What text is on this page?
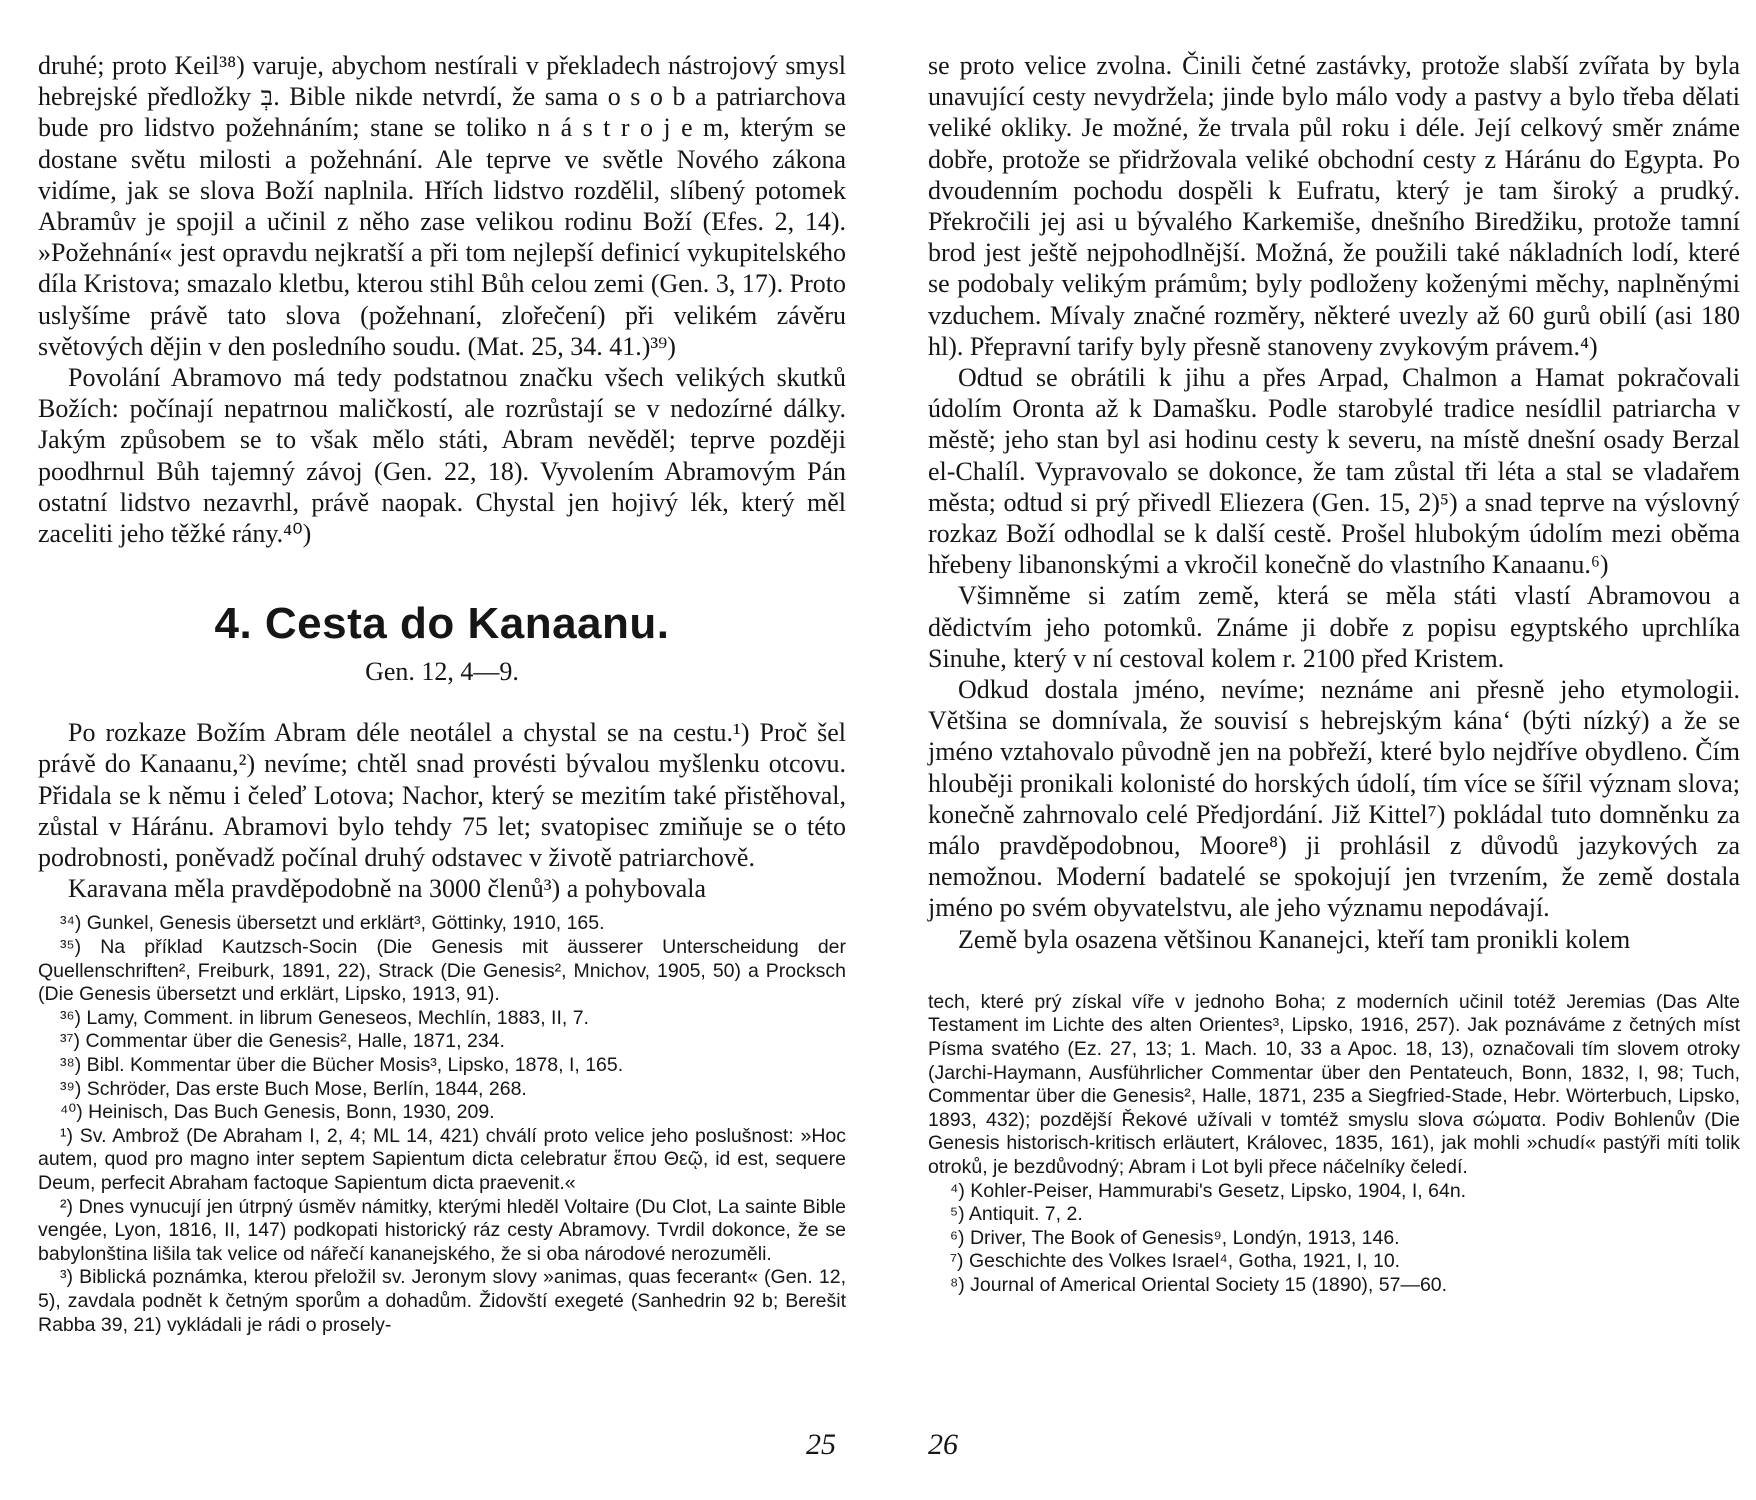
druhé; proto Keil³⁸) varuje, abychom nestírali v překladech nástrojový smysl hebrejské předložky בְּ. Bible nikde netvrdí, že sama o s o b a patriarchova bude pro lidstvo požehnáním; stane se toliko n á s t r o j e m, kterým se dostane světu milosti a požehnání. Ale teprve ve světle Nového zákona vidíme, jak se slova Boží naplnila. Hřích lidstvo rozdělil, slíbený potomek Abramův je spojil a učinil z něho zase velikou rodinu Boží (Efes. 2, 14). »Požehnání« jest opravdu nejkratší a při tom nejlepší definicí vykupitelského díla Kristova; smazalo kletbu, kterou stihl Bůh celou zemi (Gen. 3, 17). Proto uslyšíme právě tato slova (požehnaní, zlořečení) při velikém závěru světových dějin v den posledního soudu. (Mat. 25, 34. 41.)³⁹)

Povolání Abramovo má tedy podstatnou značku všech velikých skutků Božích: počínají nepatrnou maličkostí, ale rozrůstají se v nedozírné dálky. Jakým způsobem se to však mělo státi, Abram nevěděl; teprve později poodhrnul Bůh tajemný závoj (Gen. 22, 18). Vyvolením Abramovým Pán ostatní lidstvo nezavrhl, právě naopak. Chystal jen hojivý lék, který měl zaceliti jeho těžké rány.⁴⁰)

4. Cesta do Kanaanu.
Gen. 12, 4—9.

Po rozkaze Božím Abram déle neotálel a chystal se na cestu.¹) Proč šel právě do Kanaanu,²) nevíme; chtěl snad provésti bývalou myšlenku otcovu. Přidala se k němu i čeleď Lotova; Nachor, který se mezitím také přistěhoval, zůstal v Háránu. Abramovi bylo tehdy 75 let; svatopisec zmiňuje se o této podrobnosti, poněvadž počínal druhý odstavec v životě patriarchově.

Karavana měla pravděpodobně na 3000 členů³) a pohybovala

³⁴) Gunkel, Genesis übersetzt und erklärt³, Göttinky, 1910, 165.

³⁵) Na příklad Kautzsch-Socin (Die Genesis mit äusserer Unterscheidung der Quellenschriften², Freiburk, 1891, 22), Strack (Die Genesis², Mnichov, 1905, 50) a Procksch (Die Genesis übersetzt und erklärt, Lipsko, 1913, 91).

³⁶) Lamy, Comment. in librum Geneseos, Mechlín, 1883, II, 7.

³⁷) Commentar über die Genesis², Halle, 1871, 234.

³⁸) Bibl. Kommentar über die Bücher Mosis³, Lipsko, 1878, I, 165.

³⁹) Schröder, Das erste Buch Mose, Berlín, 1844, 268.

⁴⁰) Heinisch, Das Buch Genesis, Bonn, 1930, 209.

¹) Sv. Ambrož (De Abraham I, 2, 4; ML 14, 421) chválí proto velice jeho poslušnost: »Hoc autem, quod pro magno inter septem Sapientum dicta celebratur ἕπου Θεῷ, id est, sequere Deum, perfecit Abraham factoque Sapientum dicta praevenit.«

²) Dnes vynucují jen útrpný úsměv námitky, kterými hleděl Voltaire (Du Clot, La sainte Bible vengée, Lyon, 1816, II, 147) podkopati historický ráz cesty Abramovy. Tvrdil dokonce, že se babylonština lišila tak velice od nářečí kananejského, že si oba národové nerozuměli.

³) Biblická poznámka, kterou přeložil sv. Jeronym slovy »animas, quas fecerant« (Gen. 12, 5), zavdala podnět k četným sporům a dohadům. Židovští exegeté (Sanhedrin 92 b; Berešit Rabba 39, 21) vykládali je rádi o prosely-

25

se proto velice zvolna. Činili četné zastávky, protože slabší zvířata by byla unavující cesty nevydržela; jinde bylo málo vody a pastvy a bylo třeba dělati veliké okliky. Je možné, že trvala půl roku i déle. Její celkový směr známe dobře, protože se přidržovala veliké obchodní cesty z Háránu do Egypta. Po dvoudenním pochodu dospěli k Eufratu, který je tam široký a prudký. Překročili jej asi u bývalého Karkemiše, dnešního Biredžiku, protože tamní brod jest ještě nejpohodlnější. Možná, že použili také nákladních lodí, které se podobaly velikým prámům; byly podloženy koženými měchy, naplněnými vzduchem. Mívaly značné rozměry, některé uvezly až 60 gurů obilí (asi 180 hl). Přepravní tarify byly přesně stanoveny zvykovým právem.⁴)

Odtud se obrátili k jihu a přes Arpad, Chalmon a Hamat pokračovali údolím Oronta až k Damašku. Podle starobylé tradice nesídlil patriarcha v městě; jeho stan byl asi hodinu cesty k severu, na místě dnešní osady Berzal el-Chalíl. Vypravovalo se dokonce, že tam zůstal tři léta a stal se vladařem města; odtud si prý přivedl Eliezera (Gen. 15, 2)⁵) a snad teprve na výslovný rozkaz Boží odhodlal se k další cestě. Prošel hlubokým údolím mezi oběma hřebeny libanonskými a vkročil konečně do vlastního Kanaanu.⁶)

Všimněme si zatím země, která se měla státi vlastí Abramovou a dědictvím jeho potomků. Známe ji dobře z popisu egyptského uprchlíka Sinuhe, který v ní cestoval kolem r. 2100 před Kristem.

Odkud dostala jméno, nevíme; neznáme ani přesně jeho etymologii. Většina se domnívala, že souvisí s hebrejským kána‘ (býti nízký) a že se jméno vztahovalo původně jen na pobřeží, které bylo nejdříve obydleno. Čím hlouběji pronikali kolonisté do horských údolí, tím více se šířil význam slova; konečně zahrnovalo celé Předjordání. Již Kittel⁷) pokládal tuto domněnku za málo pravděpodobnou, Moore⁸) ji prohlásil z důvodů jazykových za nemožnou. Moderní badatelé se spokojují jen tvrzením, že země dostala jméno po svém obyvatelstvu, ale jeho významu nepodávají.

Země byla osazena většinou Kananejci, kteří tam pronikli kolem

tech, které prý získal víře v jednoho Boha; z moderních učinil totéž Jeremias (Das Alte Testament im Lichte des alten Orientes³, Lipsko, 1916, 257). Jak poznáváme z četných míst Písma svatého (Ez. 27, 13; 1. Mach. 10, 33 a Apoc. 18, 13), označovali tím slovem otroky (Jarchi-Haymann, Ausführlicher Commentar über den Pentateuch, Bonn, 1832, I, 98; Tuch, Commentar über die Genesis², Halle, 1871, 235 a Siegfried-Stade, Hebr. Wörterbuch, Lipsko, 1893, 432); pozdější Řekové užívali v tomtéž smyslu slova σώματα. Podiv Bohlenův (Die Genesis historisch-kritisch erläutert, Královec, 1835, 161), jak mohli »chudí« pastýři míti tolik otroků, je bezdůvodný; Abram i Lot byli přece náčelníky čeledí.

⁴) Kohler-Peiser, Hammurabi's Gesetz, Lipsko, 1904, I, 64n.

⁵) Antiquit. 7, 2.

⁶) Driver, The Book of Genesis⁹, Londýn, 1913, 146.

⁷) Geschichte des Volkes Israel⁴, Gotha, 1921, I, 10.

⁸) Journal of Americal Oriental Society 15 (1890), 57—60.

26
